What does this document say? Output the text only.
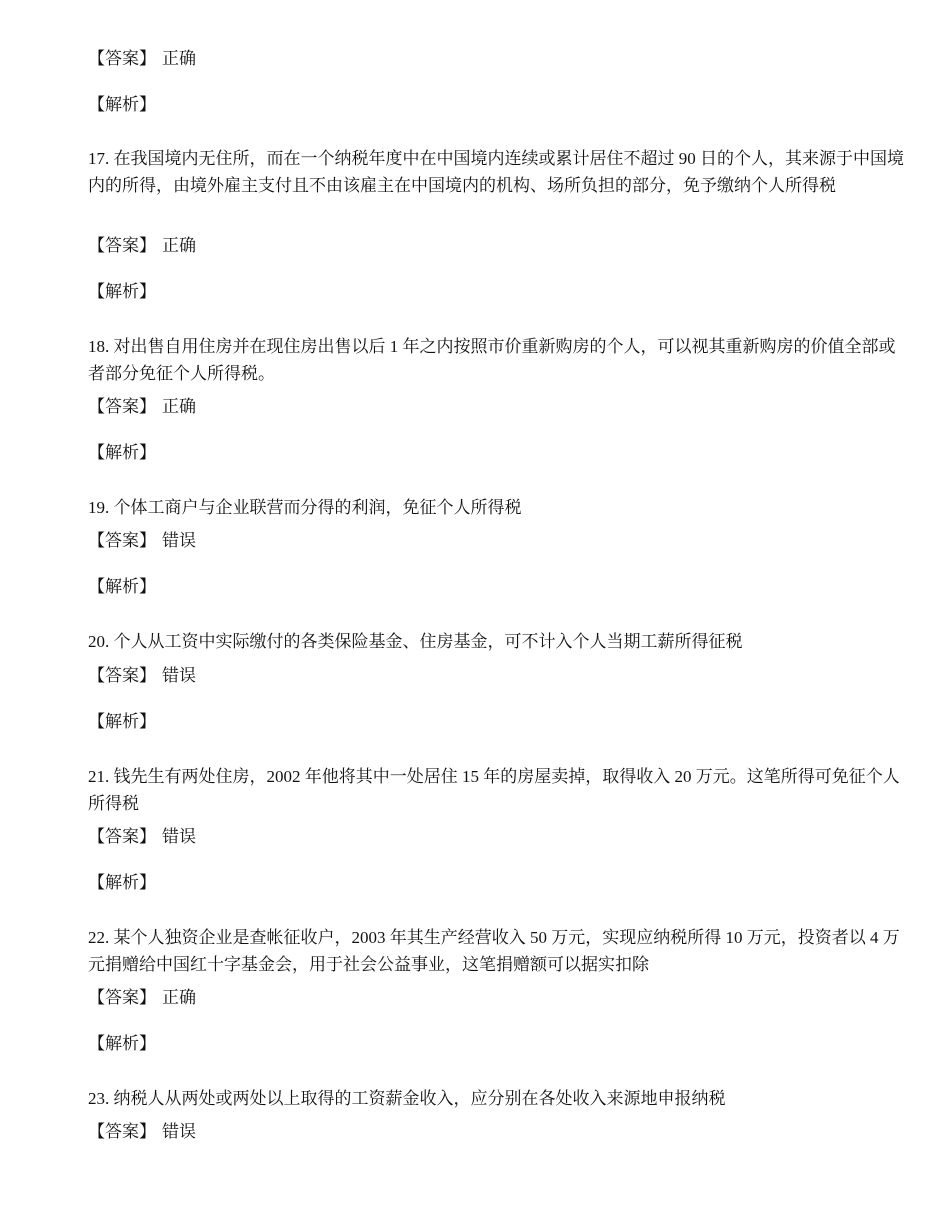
【答案】 正确
【解析】
17. 在我国境内无住所，而在一个纳税年度中在中国境内连续或累计居住不超过 90 日的个人，其来源于中国境内的所得，由境外雇主支付且不由该雇主在中国境内的机构、场所负担的部分，免予缴纳个人所得税
【答案】 正确
【解析】
18. 对出售自用住房并在现住房出售以后 1 年之内按照市价重新购房的个人，可以视其重新购房的价值全部或者部分免征个人所得税。
【答案】 正确
【解析】
19. 个体工商户与企业联营而分得的利润，免征个人所得税
【答案】 错误
【解析】
20. 个人从工资中实际缴付的各类保险基金、住房基金，可不计入个人当期工薪所得征税
【答案】 错误
【解析】
21. 钱先生有两处住房，2002 年他将其中一处居住 15 年的房屋卖掉，取得收入 20 万元。这笔所得可免征个人所得税
【答案】 错误
【解析】
22. 某个人独资企业是查帐征收户，2003 年其生产经营收入 50 万元，实现应纳税所得 10 万元，投资者以 4 万元捐赠给中国红十字基金会，用于社会公益事业，这笔捐赠额可以据实扣除
【答案】 正确
【解析】
23. 纳税人从两处或两处以上取得的工资薪金收入，应分别在各处收入来源地申报纳税
【答案】 错误
